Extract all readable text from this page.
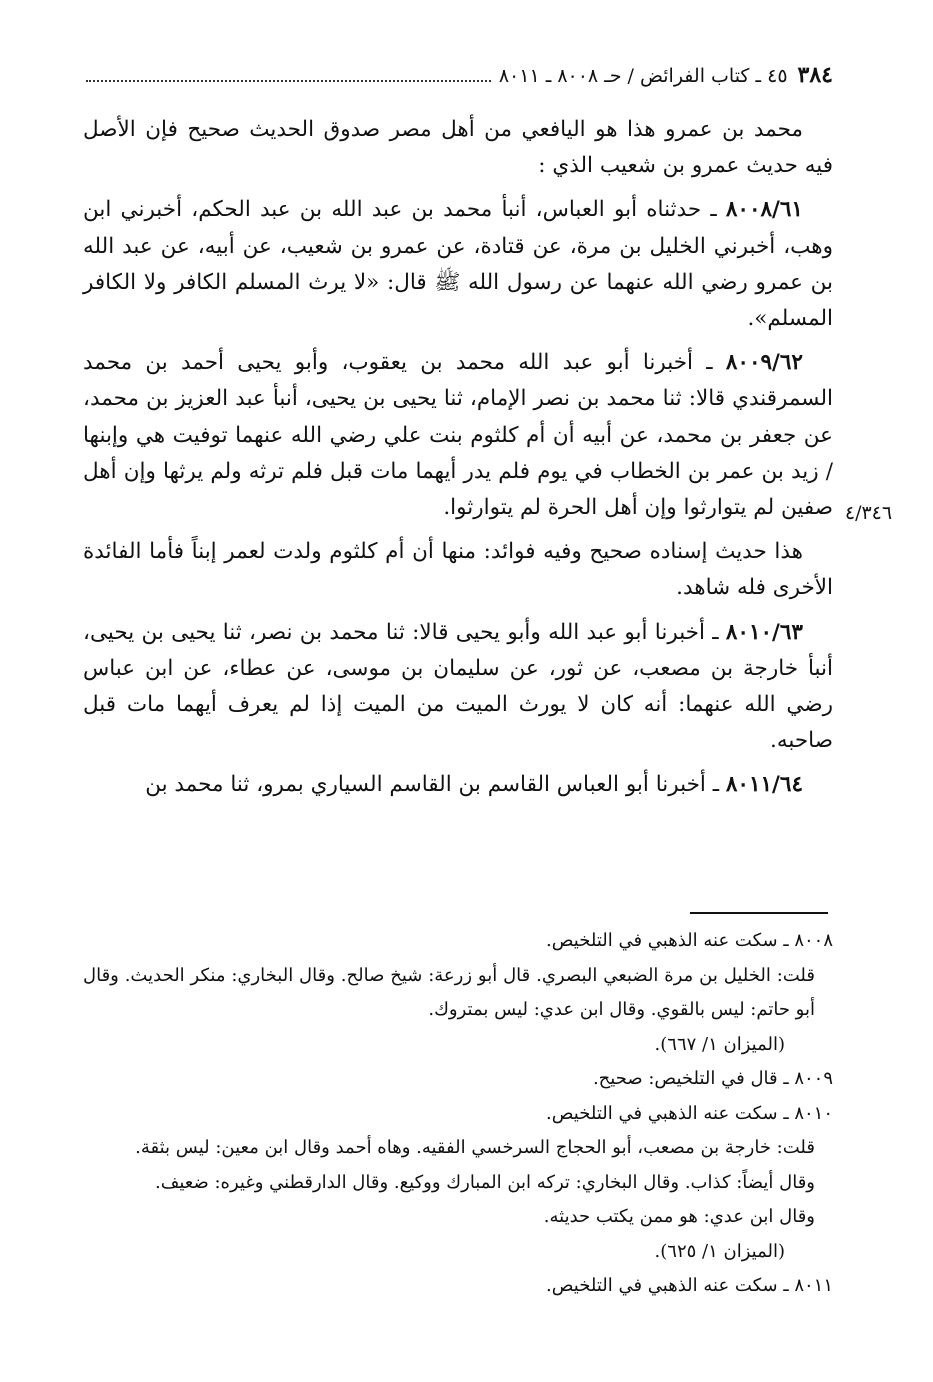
٣٨٤
٤٥ ـ كتاب الفرائض / حـ ٨٠٠٨ ـ ٨٠١١

محمد بن عمرو هذا هو اليافعي من أهل مصر صدوق الحديث صحيح فإن الأصل فيه حديث عمرو بن شعيب الذي :

٨٠٠٨/٦١ ـ حدثناه أبو العباس، أنبأ محمد بن عبد الله بن عبد الحكم، أخبرني ابن وهب، أخبرني الخليل بن مرة، عن قتادة، عن عمرو بن شعيب، عن أبيه، عن عبد الله بن عمرو رضي الله عنهما عن رسول الله ﷺ قال: «لا يرث المسلم الكافر ولا الكافر المسلم».

٨٠٠٩/٦٢ ـ أخبرنا أبو عبد الله محمد بن يعقوب، وأبو يحيى أحمد بن محمد السمرقندي قالا: ثنا محمد بن نصر الإمام، ثنا يحيى بن يحيى، أنبأ عبد العزيز بن محمد، عن جعفر بن محمد، عن أبيه أن أم كلثوم بنت علي رضي الله عنهما توفيت هي وإبنها / زيد بن عمر بن الخطاب في يوم فلم يدر أيهما مات قبل فلم ترثه ولم يرثها وإن أهل صفين لم يتوارثوا وإن أهل الحرة لم يتوارثوا.

هذا حديث إسناده صحيح وفيه فوائد: منها أن أم كلثوم ولدت لعمر إبناً فأما الفائدة الأخرى فله شاهد.

٨٠١٠/٦٣ ـ أخبرنا أبو عبد الله وأبو يحيى قالا: ثنا محمد بن نصر، ثنا يحيى بن يحيى، أنبأ خارجة بن مصعب، عن ثور، عن سليمان بن موسى، عن عطاء، عن ابن عباس رضي الله عنهما: أنه كان لا يورث الميت من الميت إذا لم يعرف أيهما مات قبل صاحبه.

٨٠١١/٦٤ ـ أخبرنا أبو العباس القاسم بن القاسم السياري بمرو، ثنا محمد بن

٤/٣٤٦

٨٠٠٨ ـ سكت عنه الذهبي في التلخيص.

قلت: الخليل بن مرة الضبعي البصري. قال أبو زرعة: شيخ صالح. وقال البخاري: منكر الحديث. وقال أبو حاتم: ليس بالقوي. وقال ابن عدي: ليس بمتروك.

(الميزان ١/ ٦٦٧).

٨٠٠٩ ـ قال في التلخيص: صحيح.

٨٠١٠ ـ سكت عنه الذهبي في التلخيص.

قلت: خارجة بن مصعب، أبو الحجاج السرخسي الفقيه. وهاه أحمد وقال ابن معين: ليس بثقة.

وقال أيضاً: كذاب. وقال البخاري: تركه ابن المبارك ووكيع. وقال الدارقطني وغيره: ضعيف.

وقال ابن عدي: هو ممن يكتب حديثه.

(الميزان ١/ ٦٢٥).

٨٠١١ ـ سكت عنه الذهبي في التلخيص.
